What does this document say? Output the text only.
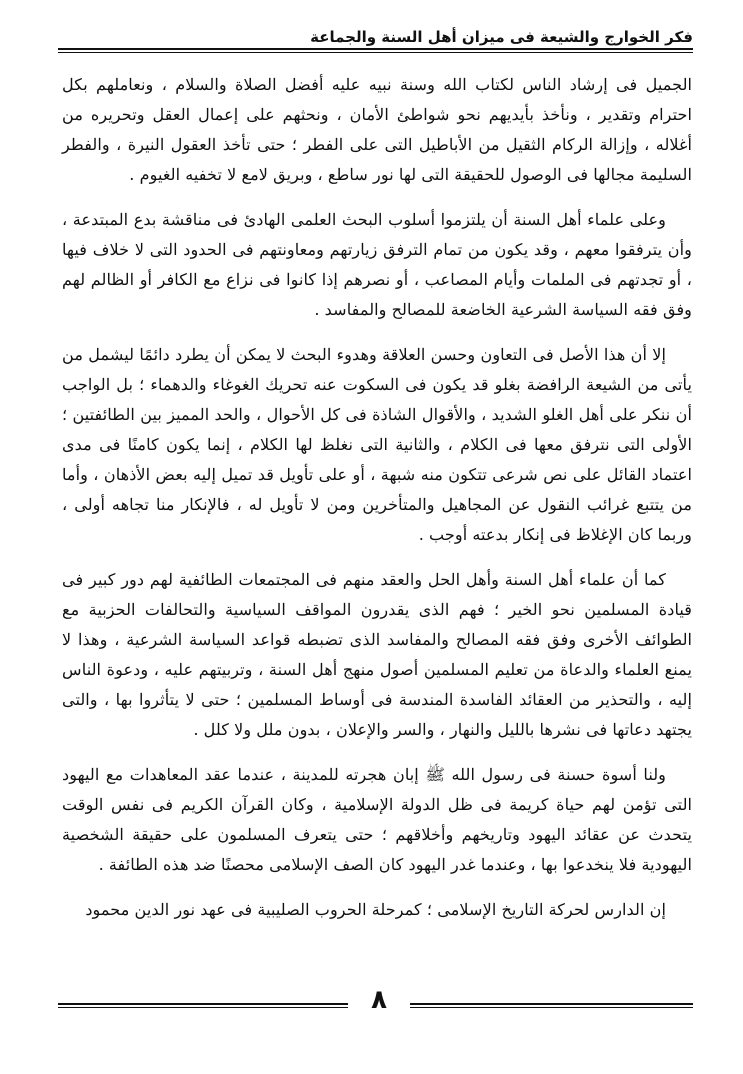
فكر الخوارج والشيعة فى ميزان أهل السنة والجماعة

الجميل فى إرشاد الناس لكتاب الله وسنة نبيه عليه أفضل الصلاة والسلام ، ونعاملهم بكل احترام وتقدير ، ونأخذ بأيديهم نحو شواطئ الأمان ، ونحثهم على إعمال العقل وتحريره من أغلاله ، وإزالة الركام الثقيل من الأباطيل التى على الفطر ؛ حتى تأخذ العقول النيرة ، والفطر السليمة مجالها فى الوصول للحقيقة التى لها نور ساطع ، وبريق لامع لا تخفيه الغيوم .

وعلى علماء أهل السنة أن يلتزموا أسلوب البحث العلمى الهادئ فى مناقشة بدع المبتدعة ، وأن يترفقوا معهم ، وقد يكون من تمام الترفق زيارتهم ومعاونتهم فى الحدود التى لا خلاف فيها ، أو تجدتهم فى الملمات وأيام المصاعب ، أو نصرهم إذا كانوا فى نزاع مع الكافر أو الظالم لهم وفق فقه السياسة الشرعية الخاضعة للمصالح والمفاسد .

إلا أن هذا الأصل فى التعاون وحسن العلاقة وهدوء البحث لا يمكن أن يطرد دائمًا ليشمل من يأتى من الشيعة الرافضة بغلو قد يكون فى السكوت عنه تحريك الغوغاء والدهماء ؛ بل الواجب أن ننكر على أهل الغلو الشديد ، والأقوال الشاذة فى كل الأحوال ، والحد المميز بين الطائفتين ؛ الأولى التى نترفق معها فى الكلام ، والثانية التى نغلظ لها الكلام ، إنما يكون كامنًا فى مدى اعتماد القائل على نص شرعى تتكون منه شبهة ، أو على تأويل قد تميل إليه بعض الأذهان ، وأما من يتتبع غرائب النقول عن المجاهيل والمتأخرين ومن لا تأويل له ، فالإنكار منا تجاهه أولى ، وربما كان الإغلاظ فى إنكار بدعته أوجب .

كما أن علماء أهل السنة وأهل الحل والعقد منهم فى المجتمعات الطائفية لهم دور كبير فى قيادة المسلمين نحو الخير ؛ فهم الذى يقدرون المواقف السياسية والتحالفات الحزبية مع الطوائف الأخرى وفق فقه المصالح والمفاسد الذى تضبطه قواعد السياسة الشرعية ، وهذا لا يمنع العلماء والدعاة من تعليم المسلمين أصول منهج أهل السنة ، وتربيتهم عليه ، ودعوة الناس إليه ، والتحذير من العقائد الفاسدة المندسة فى أوساط المسلمين ؛ حتى لا يتأثروا بها ، والتى يجتهد دعاتها فى نشرها بالليل والنهار ، والسر والإعلان ، بدون ملل ولا كلل .

ولنا أسوة حسنة فى رسول الله ﷺ إبان هجرته للمدينة ، عندما عقد المعاهدات مع اليهود التى تؤمن لهم حياة كريمة فى ظل الدولة الإسلامية ، وكان القرآن الكريم فى نفس الوقت يتحدث عن عقائد اليهود وتاريخهم وأخلاقهم ؛ حتى يتعرف المسلمون على حقيقة الشخصية اليهودية فلا ينخدعوا بها ، وعندما غدر اليهود كان الصف الإسلامى محصنًا ضد هذه الطائفة .

إن الدارس لحركة التاريخ الإسلامى ؛ كمرحلة الحروب الصليبية فى عهد نور الدين محمود

٨
